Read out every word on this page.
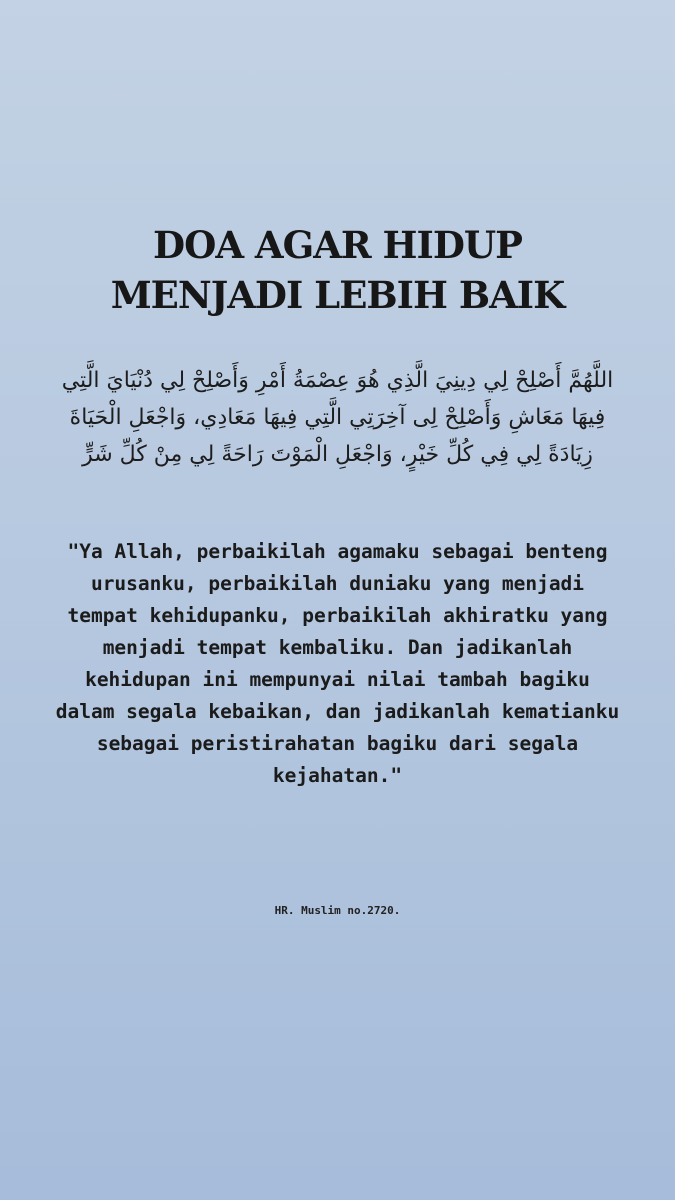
DOA AGAR HIDUP
MENJADI LEBIH BAIK
اللَّهُمَّ أَصْلِحْ لِي دِينِيَ الَّذِي هُوَ عِصْمَةُ أَمْرِ وَأَصْلِحْ لِي دُنْيَايَ الَّتِي فِيهَا مَعَاشِ وَأَصْلِحْ لِى آخِرَتِي الَّتِي فِيهَا مَعَادِي، وَاجْعَلِ الْحَيَاةَ زِيَادَةً لِي فِي كُلِّ خَيْرٍ، وَاجْعَلِ الْمَوْتَ رَاحَةً لِي مِنْ كُلِّ شَرٍّ
"Ya Allah, perbaikilah agamaku sebagai benteng urusanku, perbaikilah duniaku yang menjadi tempat kehidupanku, perbaikilah akhiratku yang menjadi tempat kembaliku. Dan jadikanlah kehidupan ini mempunyai nilai tambah bagiku dalam segala kebaikan, dan jadikanlah kematianku sebagai peristirahatan bagiku dari segala kejahatan."
HR. Muslim no.2720.
